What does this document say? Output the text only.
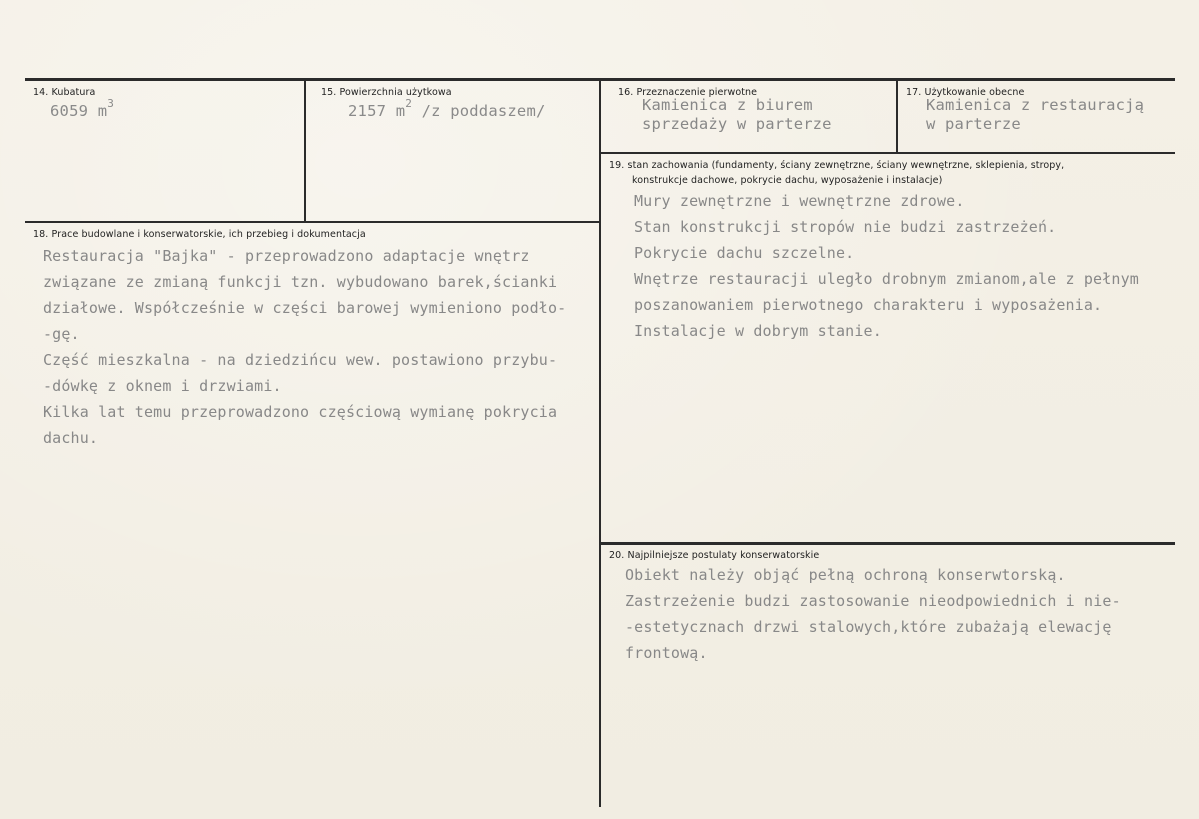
14. Kubatura
6059 $m^3$
15. Powierzchnia użytkowa
2157 $m^2$ /z poddaszem/
16. Przeznaczenie pierwotne
Kamienica z biurem
sprzedaży w parterze
17. Użytkowanie obecne
Kamienica z restauracją
w parterze
19. stan zachowania (fundamenty, ściany zewnętrzne, ściany wewnętrzne, sklepienia, stropy,
konstrukcje dachowe, pokrycie dachu, wyposażenie i instalacje)
Mury zewnętrzne i wewnętrzne zdrowe.
Stan konstrukcji stropów nie budzi zastrzeżeń.
Pokrycie dachu szczelne.
Wnętrze restauracji uległo drobnym zmianom,ale z pełnym
poszanowaniem pierwotnego charakteru i wyposażenia.
Instalacje w dobrym stanie.
18. Prace budowlane i konserwatorskie, ich przebieg i dokumentacja
Restauracja "Bajka" - przeprowadzono adaptacje wnętrz
związane ze zmianą funkcji tzn. wybudowano barek,ścianki
działowe. Współcześnie w części barowej wymieniono podło-
-gę.
Część mieszkalna - na dziedzińcu wew. postawiono przybu-
-dówkę z oknem i drzwiami.
Kilka lat temu przeprowadzono częściową wymianę pokrycia
dachu.
20. Najpilniejsze postulaty konserwatorskie
Obiekt należy objąć pełną ochroną konserwtorską.
Zastrzeżenie budzi zastosowanie nieodpowiednich i nie-
-estetycznach drzwi stalowych,które zubażają elewację
frontową.
